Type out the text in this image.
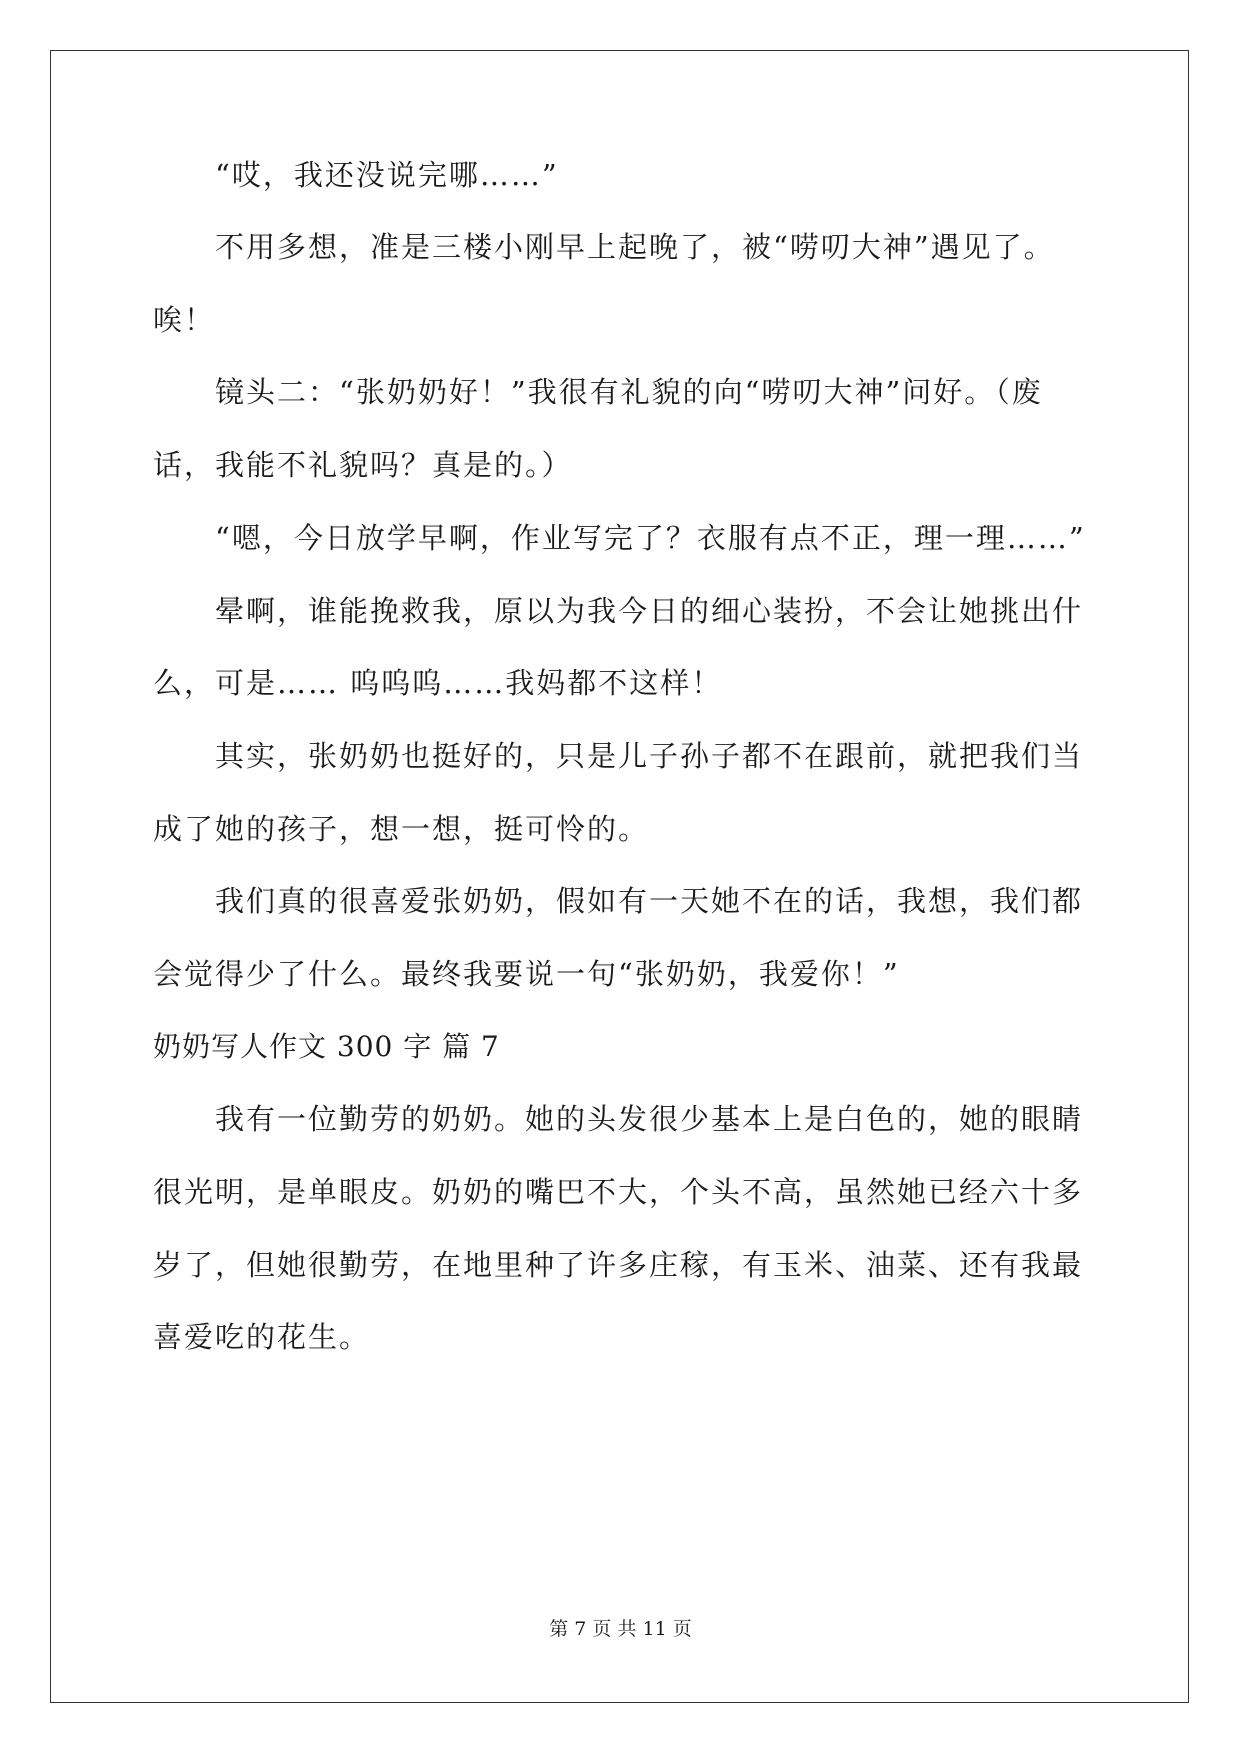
“哎，我还没说完哪……”
不用多想，准是三楼小刚早上起晚了，被“唠叨大神”遇见了。
唉！
镜头二：“张奶奶好！”我很有礼貌的向“唠叨大神”问好。（废
话，我能不礼貌吗？真是的。）
“嗯，今日放学早啊，作业写完了？衣服有点不正，理一理……”
晕啊，谁能挽救我，原以为我今日的细心装扮，不会让她挑出什
么，可是…… 呜呜呜……我妈都不这样！
其实，张奶奶也挺好的，只是儿子孙子都不在跟前，就把我们当
成了她的孩子，想一想，挺可怜的。
我们真的很喜爱张奶奶，假如有一天她不在的话，我想，我们都
会觉得少了什么。最终我要说一句“张奶奶，我爱你！”
奶奶写人作文 300 字 篇 7
我有一位勤劳的奶奶。她的头发很少基本上是白色的，她的眼睛
很光明，是单眼皮。奶奶的嘴巴不大，个头不高，虽然她已经六十多
岁了，但她很勤劳，在地里种了许多庄稼，有玉米、油菜、还有我最
喜爱吃的花生。
第 7 页 共 11 页
